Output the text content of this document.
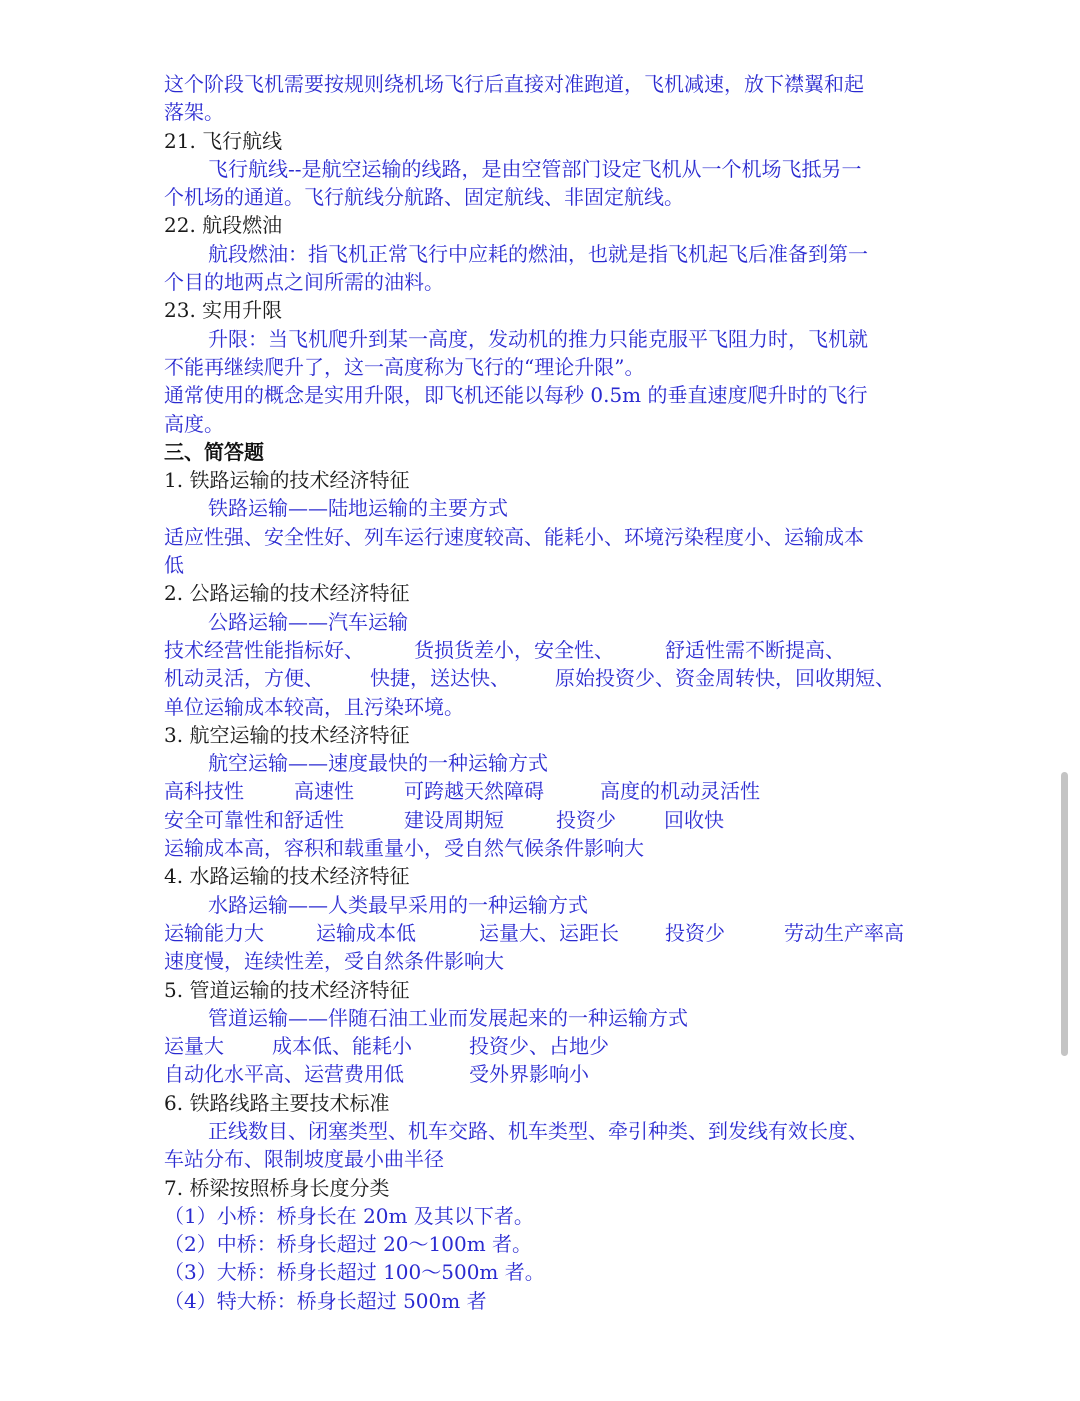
这个阶段飞机需要按规则绕机场飞行后直接对准跑道，飞机减速，放下襟翼和起
落架。
21. 飞行航线
飞行航线--是航空运输的线路，是由空管部门设定飞机从一个机场飞抵另一
个机场的通道。飞行航线分航路、固定航线、非固定航线。
22. 航段燃油
航段燃油：指飞机正常飞行中应耗的燃油，也就是指飞机起飞后准备到第一
个目的地两点之间所需的油料。
23. 实用升限
升限：当飞机爬升到某一高度，发动机的推力只能克服平飞阻力时，飞机就
不能再继续爬升了，这一高度称为飞行的“理论升限”。
通常使用的概念是实用升限，即飞机还能以每秒 0.5m 的垂直速度爬升时的飞行
高度。
三、简答题
1. 铁路运输的技术经济特征
铁路运输——陆地运输的主要方式
适应性强、安全性好、列车运行速度较高、能耗小、环境污染程度小、运输成本
低
2. 公路运输的技术经济特征
公路运输——汽车运输
技术经营性能指标好、	货损货差小，安全性、	舒适性需不断提高、
机动灵活，方便、 快捷，送达快、 原始投资少、资金周转快，回收期短、
单位运输成本较高，且污染环境。
3. 航空运输的技术经济特征
航空运输——速度最快的一种运输方式
高科技性	高速性	可跨越天然障碍	高度的机动灵活性
安全可靠性和舒适性	建设周期短	投资少 回收快
运输成本高，容积和载重量小，受自然气候条件影响大
4. 水路运输的技术经济特征
水路运输——人类最早采用的一种运输方式
运输能力大	运输成本低	运量大、运距长 投资少	劳动生产率高
速度慢，连续性差，受自然条件影响大
5. 管道运输的技术经济特征
管道运输——伴随石油工业而发展起来的一种运输方式
运量大 成本低、能耗小	投资少、占地少
自动化水平高、运营费用低	受外界影响小
6. 铁路线路主要技术标准
正线数目、闭塞类型、机车交路、机车类型、牵引种类、到发线有效长度、
车站分布、限制坡度最小曲半径
7. 桥梁按照桥身长度分类
（1）小桥：桥身长在 20m 及其以下者。
（2）中桥：桥身长超过 20～100m 者。
（3）大桥：桥身长超过 100～500m 者。
（4）特大桥：桥身长超过 500m 者
